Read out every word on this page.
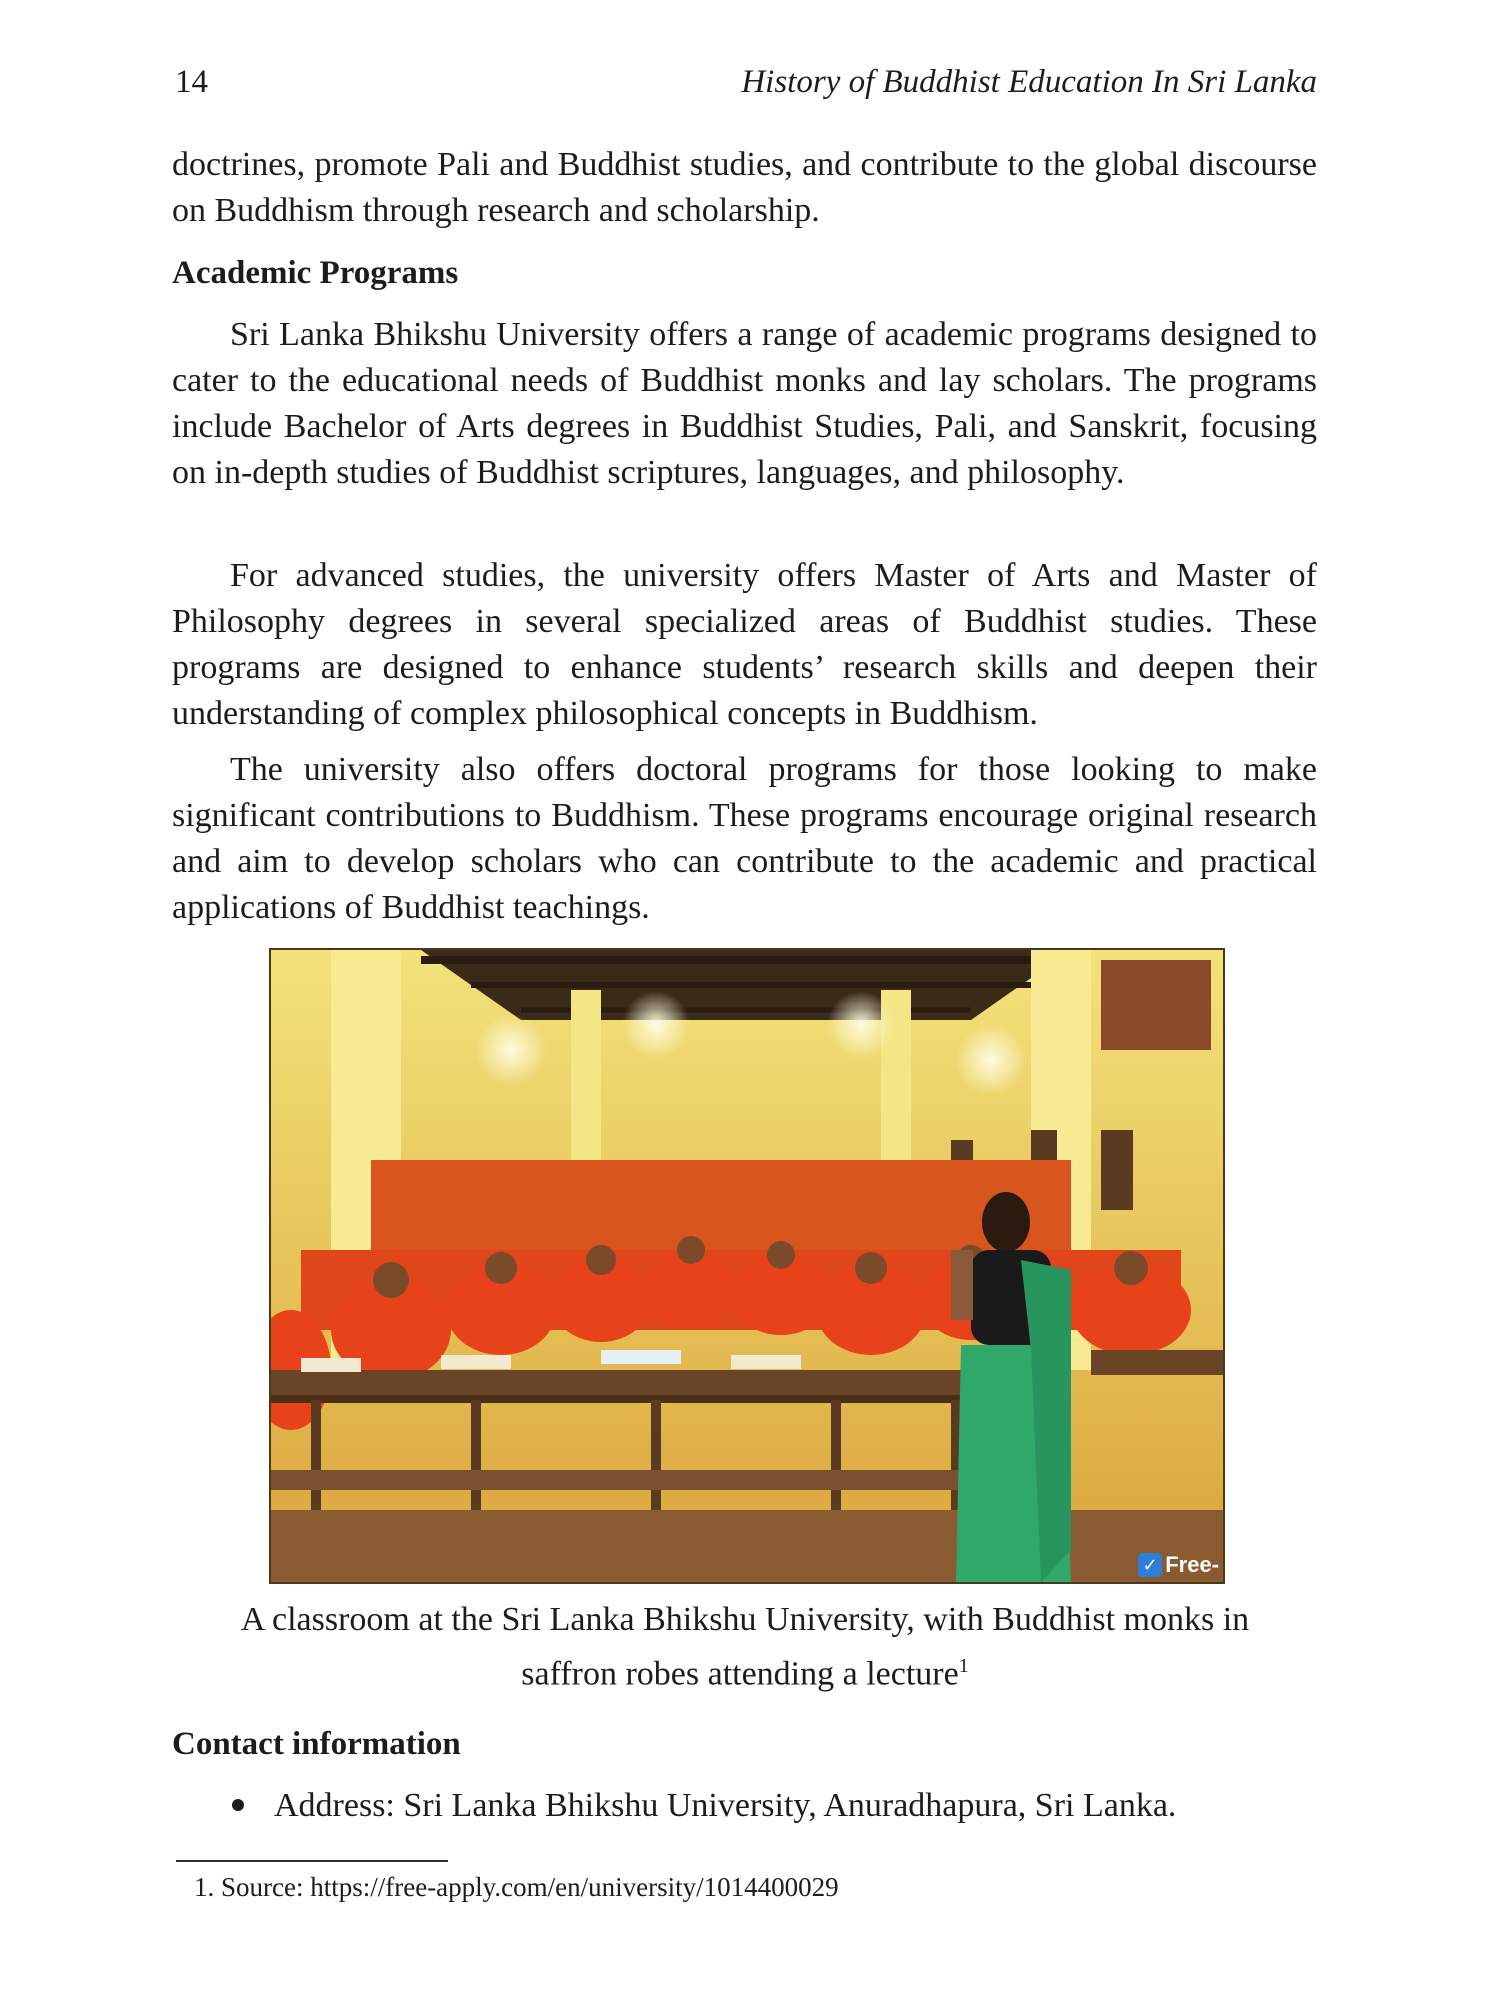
14	History of Buddhist Education In Sri Lanka

doctrines, promote Pali and Buddhist studies, and contribute to the global discourse on Buddhism through research and scholarship.

Academic Programs

Sri Lanka Bhikshu University offers a range of academic programs designed to cater to the educational needs of Buddhist monks and lay scholars. The programs include Bachelor of Arts degrees in Buddhist Studies, Pali, and Sanskrit, focusing on in-depth studies of Buddhist scriptures, languages, and philosophy.

For advanced studies, the university offers Master of Arts and Master of Philosophy degrees in several specialized areas of Buddhist studies. These programs are designed to enhance students’ research skills and deepen their understanding of complex philosophical concepts in Buddhism.

The university also offers doctoral programs for those looking to make significant contributions to Buddhism. These programs encourage original research and aim to develop scholars who can contribute to the academic and practical applications of Buddhist teachings.

✓ Free-

A classroom at the Sri Lanka Bhikshu University, with Buddhist monks in saffron robes attending a lecture$^1$

Contact information
Address: Sri Lanka Bhikshu University, Anuradhapura, Sri Lanka.
1. Source: https://free-apply.com/en/university/1014400029
